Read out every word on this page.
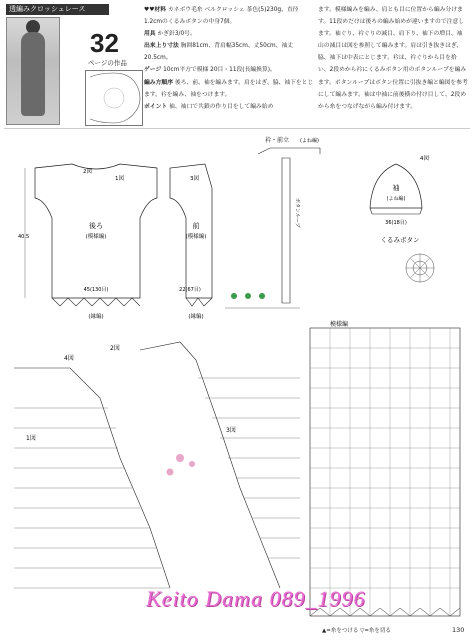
透編みクロッシェレース
32
ページの作品

♥♥材料 カネボウ毛糸 ベルクロッシェ 茶色(5)230g、直径1.2cmのくるみボタンの中身7個。

用具 かぎ針3/0号。

出来上り寸法 胸囲81cm、背肩幅35cm、丈50cm、袖丈20.5cm。

ゲージ 10cm平方で模様 20目・11段(長編換算)。

編み方順序 後ろ、前、袖を編みます。肩をはぎ、脇、袖下をとじます。衿を編み、袖をつけます。

ポイント 袖、袖口で共鎖の作り目をして編み始め

ます。模様編みを編み、肩とも目に位置から編み分けます。11段めだけは後ろの編み始めが違いますので注意します。袖ぐり、衿ぐりの減目、肩下り、袖下の増目、袖山の減目は図を参照して編みます。肩は引き抜きはぎ、脇、袖下は中表にとじます。衿は、衿ぐりから目を拾い、2段めから衿にくるみボタン用のボタンループを編みます。ボタンループはボタン位置に引抜き編と編図を参考にして編みます。袖は中袖に前後横の付け目して、2段めから糸をつなげながら編み付けます。
後ろ
(模様編)
45(130目)
(縁編)
1図
2図
40.5
前
(模様編)
3図
22(67目)
(縁編)
衿・前立 (よね編)
ボタンループ
袖
(よね編)
4図
36(18目)
くるみボタン
4図
1図
2図
3図
模様編
Keito Dama 089_1996
▲=糸をつける ▽=糸を切る	130
